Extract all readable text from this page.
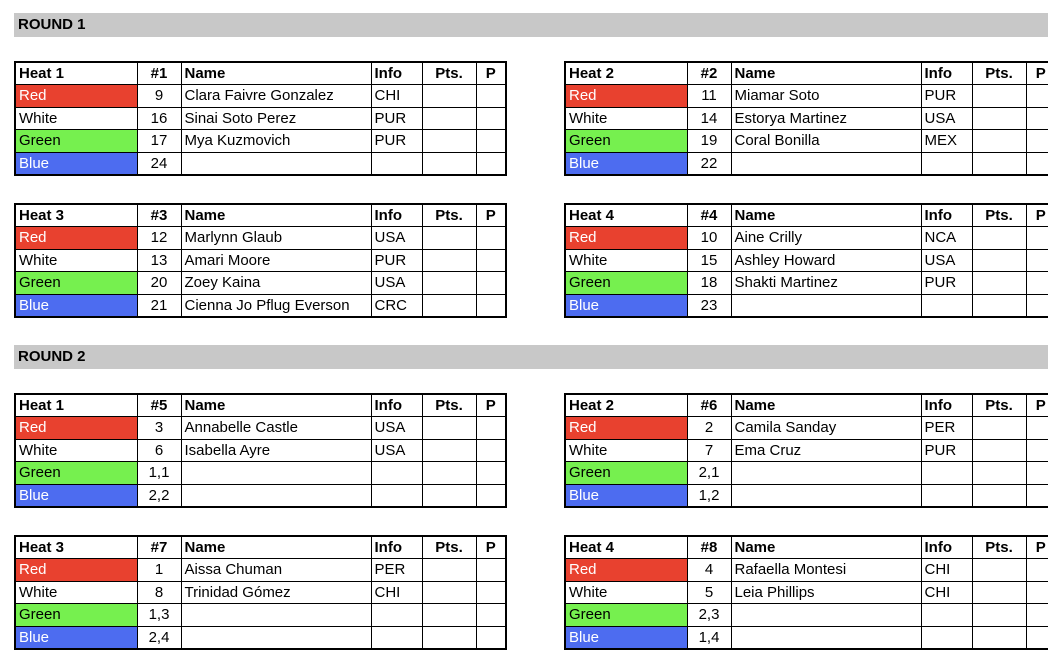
ROUND 1
ROUND 2
Heat 1	#1	Name	Info	Pts.	P
Red	9	Clara Faivre Gonzalez	CHI		
White	16	Sinai Soto Perez	PUR		
Green	17	Mya Kuzmovich	PUR		
Blue	24				
Heat 2	#2	Name	Info	Pts.	P
Red	11	Miamar Soto	PUR		
White	14	Estorya Martinez	USA		
Green	19	Coral Bonilla	MEX		
Blue	22				
Heat 3	#3	Name	Info	Pts.	P
Red	12	Marlynn Glaub	USA		
White	13	Amari Moore	PUR		
Green	20	Zoey Kaina	USA		
Blue	21	Cienna Jo Pflug Everson	CRC		
Heat 4	#4	Name	Info	Pts.	P
Red	10	Aine Crilly	NCA		
White	15	Ashley Howard	USA		
Green	18	Shakti Martinez	PUR		
Blue	23				
Heat 1	#5	Name	Info	Pts.	P
Red	3	Annabelle Castle	USA		
White	6	Isabella Ayre	USA		
Green	1,1				
Blue	2,2				
Heat 2	#6	Name	Info	Pts.	P
Red	2	Camila Sanday	PER		
White	7	Ema Cruz	PUR		
Green	2,1				
Blue	1,2				
Heat 3	#7	Name	Info	Pts.	P
Red	1	Aissa Chuman	PER		
White	8	Trinidad Gómez	CHI		
Green	1,3				
Blue	2,4				
Heat 4	#8	Name	Info	Pts.	P
Red	4	Rafaella Montesi	CHI		
White	5	Leia Phillips	CHI		
Green	2,3				
Blue	1,4				
